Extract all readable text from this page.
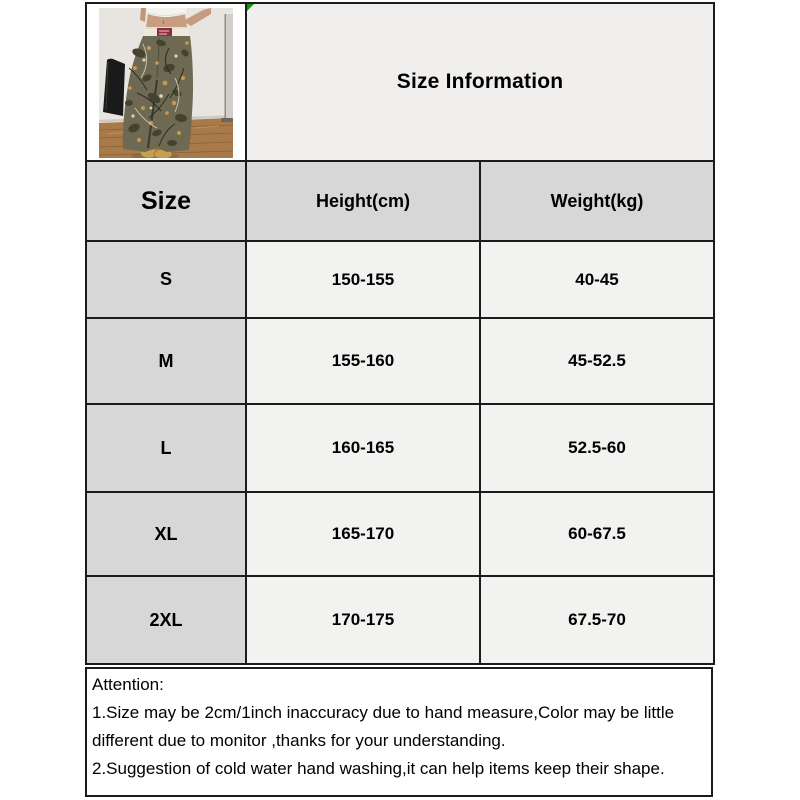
Size Information	
Size	Height(cm)	Weight(kg)
S	150-155	40-45
M	155-160	45-52.5
L	160-165	52.5-60
XL	165-170	60-67.5
2XL	170-175	67.5-70
Attention:
1.Size may be 2cm/1inch inaccuracy due to hand measure,Color may be little different due to monitor ,thanks for your understanding.
2.Suggestion of cold water hand washing,it can help items keep their shape.
